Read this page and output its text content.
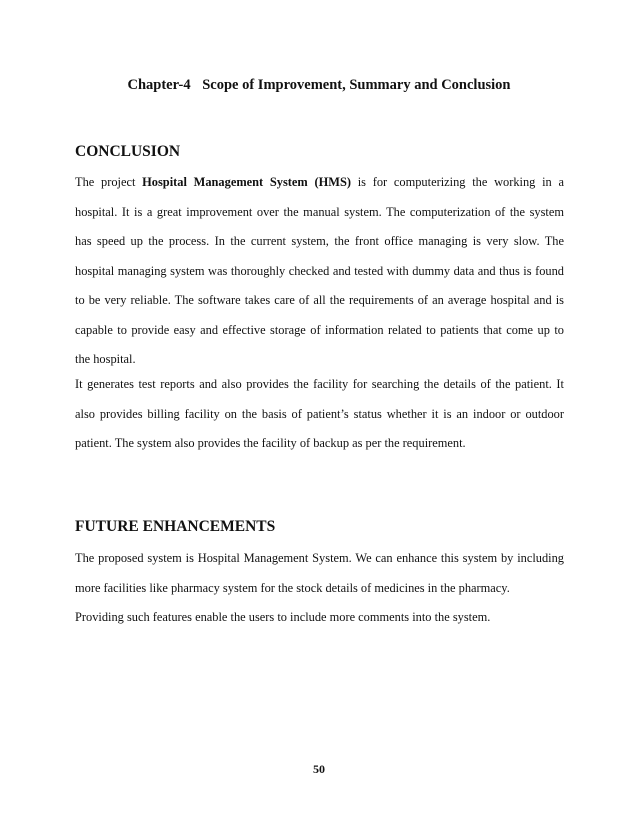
Chapter-4 Scope of Improvement, Summary and Conclusion
CONCLUSION
The project Hospital Management System (HMS) is for computerizing the working in a
hospital. It is a great improvement over the manual system. The computerization of the system
has speed up the process. In the current system, the front office managing is very slow. The
hospital managing system was thoroughly checked and tested with dummy data and thus is found
to be very reliable. The software takes care of all the requirements of an average hospital and is
capable to provide easy and effective storage of information related to patients that come up to
the hospital.
It generates test reports and also provides the facility for searching the details of the patient. It
also provides billing facility on the basis of patient’s status whether it is an indoor or outdoor
patient. The system also provides the facility of backup as per the requirement.
FUTURE ENHANCEMENTS
The proposed system is Hospital Management System. We can enhance this system by including
more facilities like pharmacy system for the stock details of medicines in the pharmacy.
Providing such features enable the users to include more comments into the system.
50
